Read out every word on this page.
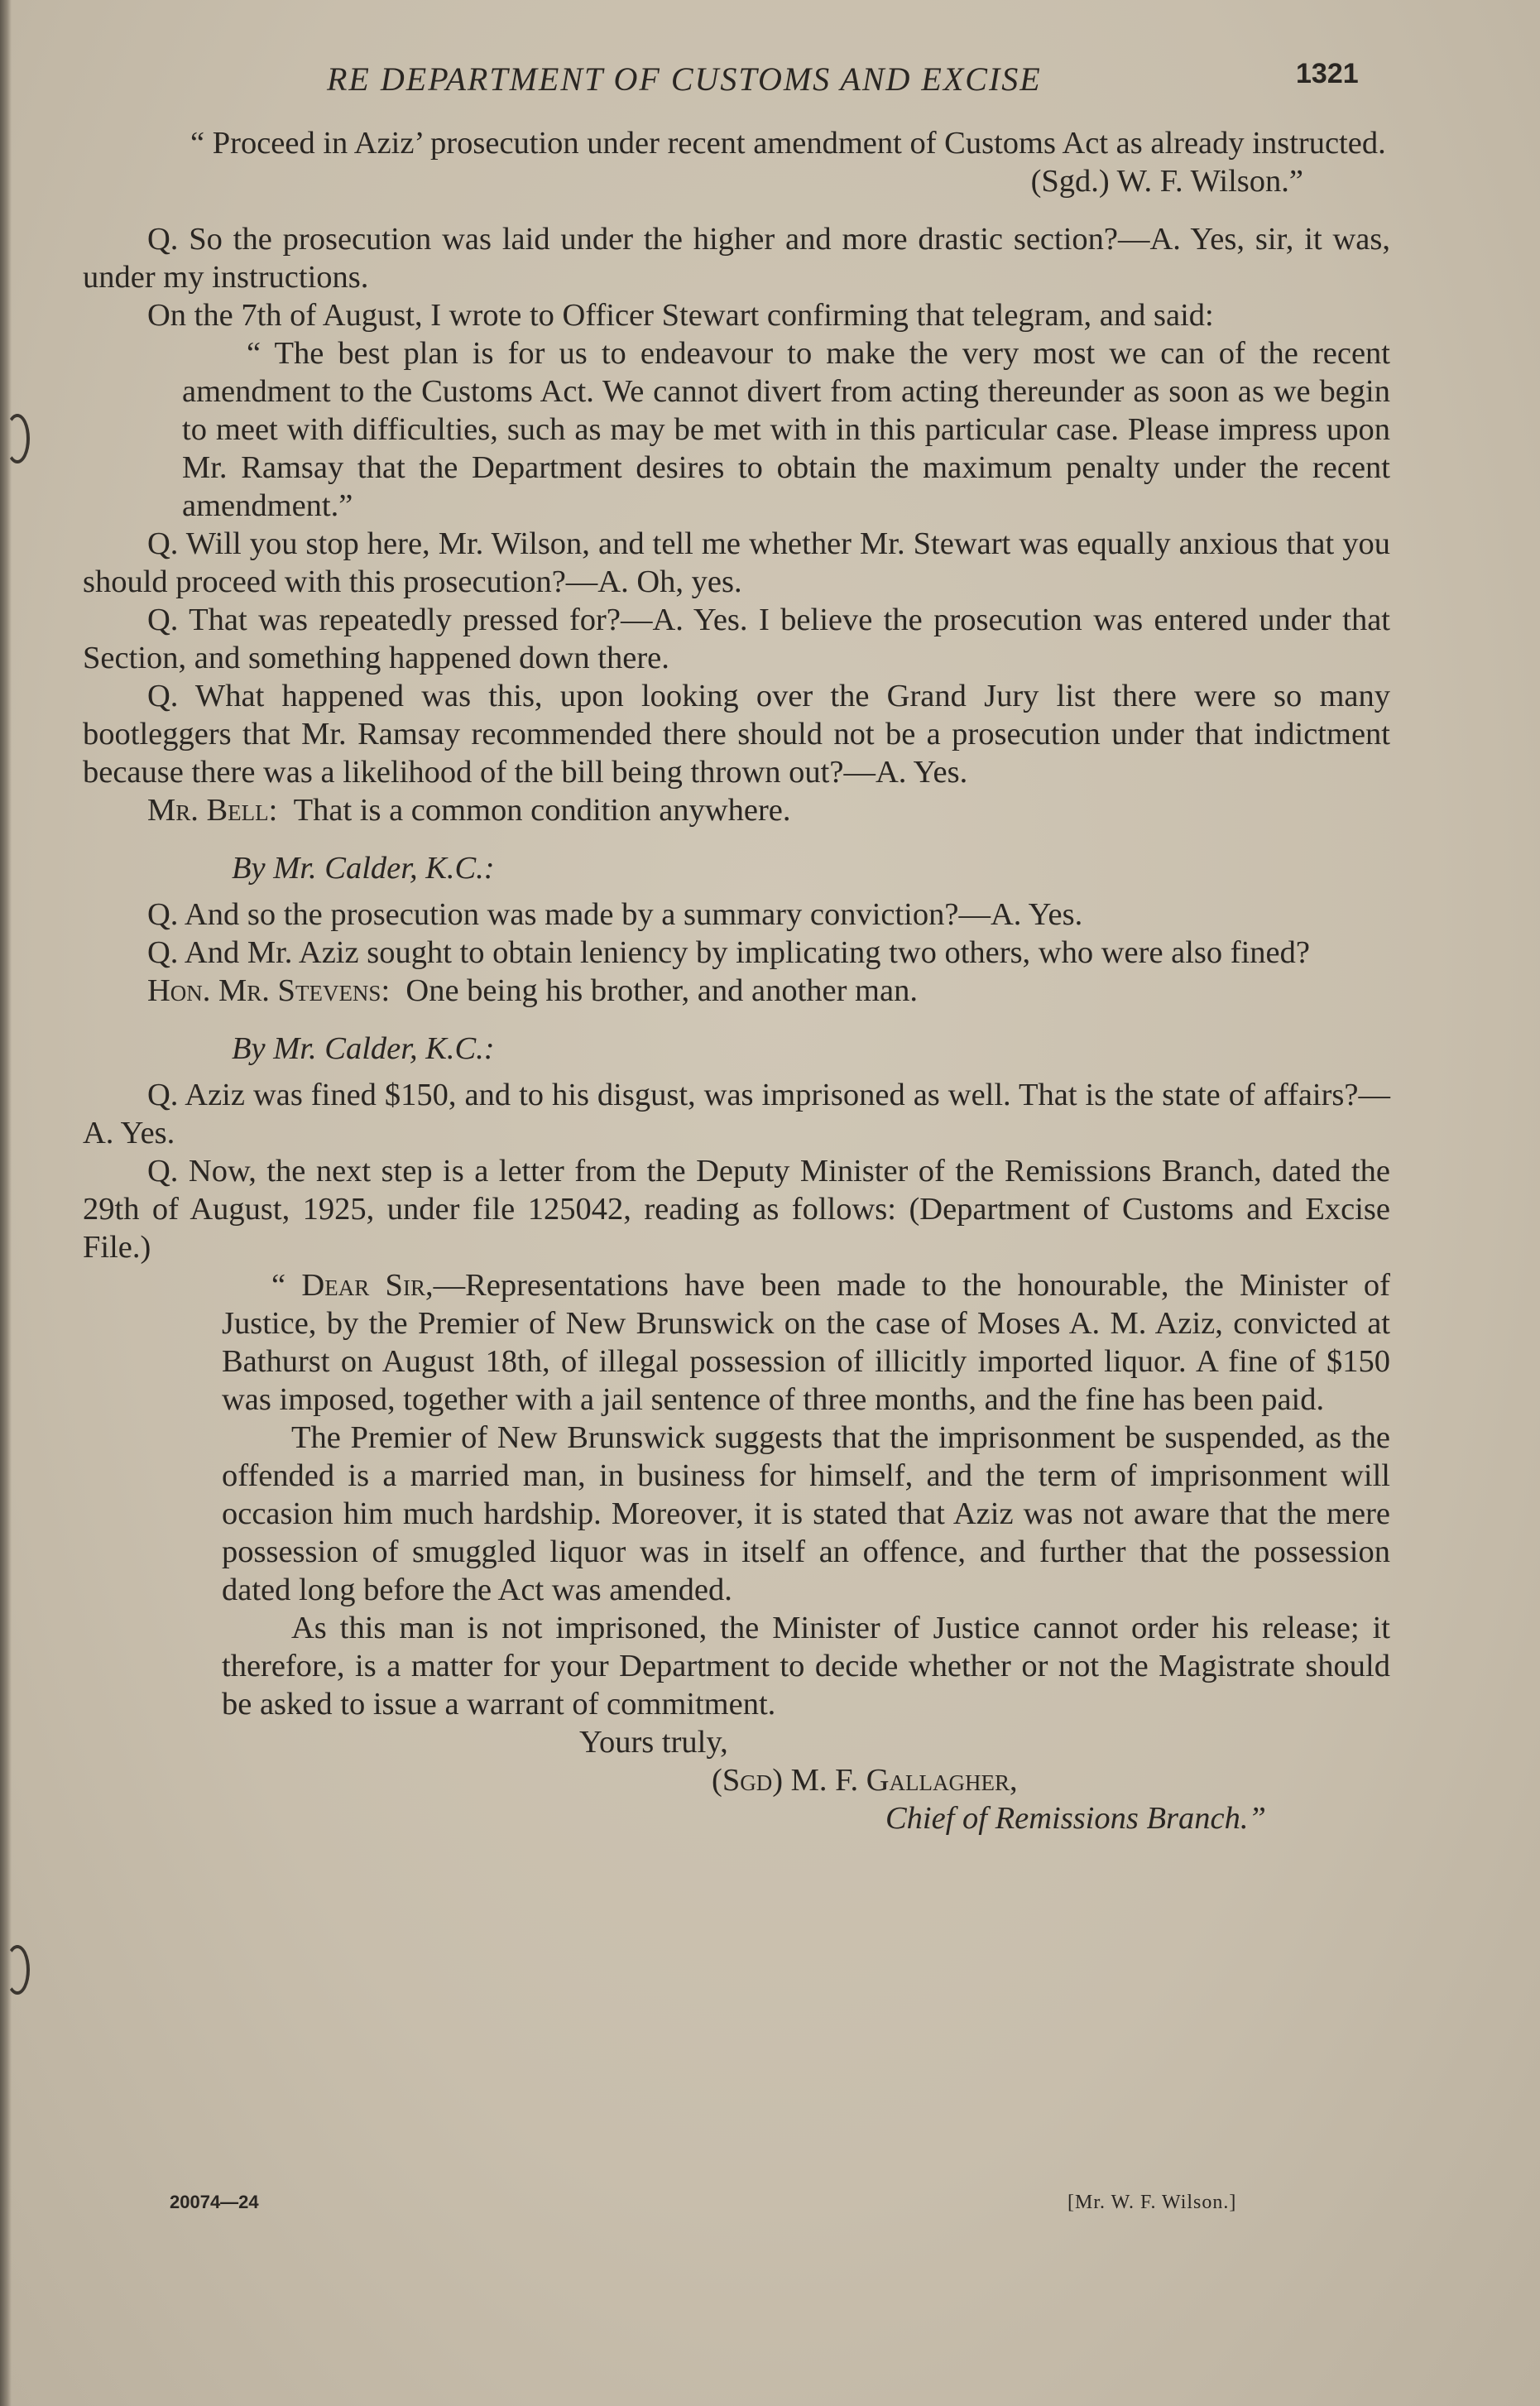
RE DEPARTMENT OF CUSTOMS AND EXCISE	1321

“ Proceed in Aziz’ prosecution under recent amendment of Customs Act as already instructed.

(Sgd.) W. F. Wilson.”

Q. So the prosecution was laid under the higher and more drastic section?—A. Yes, sir, it was, under my instructions.

On the 7th of August, I wrote to Officer Stewart confirming that telegram, and said:

“ The best plan is for us to endeavour to make the very most we can of the recent amendment to the Customs Act. We cannot divert from acting thereunder as soon as we begin to meet with difficulties, such as may be met with in this particular case. Please impress upon Mr. Ramsay that the Department desires to obtain the maximum penalty under the recent amendment.”

Q. Will you stop here, Mr. Wilson, and tell me whether Mr. Stewart was equally anxious that you should proceed with this prosecution?—A. Oh, yes.

Q. That was repeatedly pressed for?—A. Yes. I believe the prosecution was entered under that Section, and something happened down there.

Q. What happened was this, upon looking over the Grand Jury list there were so many bootleggers that Mr. Ramsay recommended there should not be a prosecution under that indictment because there was a likelihood of the bill being thrown out?—A. Yes.

Mr. Bell: That is a common condition anywhere.

By Mr. Calder, K.C.:

Q. And so the prosecution was made by a summary conviction?—A. Yes.

Q. And Mr. Aziz sought to obtain leniency by implicating two others, who were also fined?

Hon. Mr. Stevens: One being his brother, and another man.

By Mr. Calder, K.C.:

Q. Aziz was fined $150, and to his disgust, was imprisoned as well. That is the state of affairs?—A. Yes.

Q. Now, the next step is a letter from the Deputy Minister of the Remissions Branch, dated the 29th of August, 1925, under file 125042, reading as follows: (Department of Customs and Excise File.)

“ Dear Sir,—Representations have been made to the honourable, the Minister of Justice, by the Premier of New Brunswick on the case of Moses A. M. Aziz, convicted at Bathurst on August 18th, of illegal possession of illicitly imported liquor. A fine of $150 was imposed, together with a jail sentence of three months, and the fine has been paid.

The Premier of New Brunswick suggests that the imprisonment be suspended, as the offended is a married man, in business for himself, and the term of imprisonment will occasion him much hardship. Moreover, it is stated that Aziz was not aware that the mere possession of smuggled liquor was in itself an offence, and further that the possession dated long before the Act was amended.

As this man is not imprisoned, the Minister of Justice cannot order his release; it therefore, is a matter for your Department to decide whether or not the Magistrate should be asked to issue a warrant of commitment.

Yours truly,

(Sgd) M. F. Gallagher,

Chief of Remissions Branch.”

20074—24	[Mr. W. F. Wilson.]
